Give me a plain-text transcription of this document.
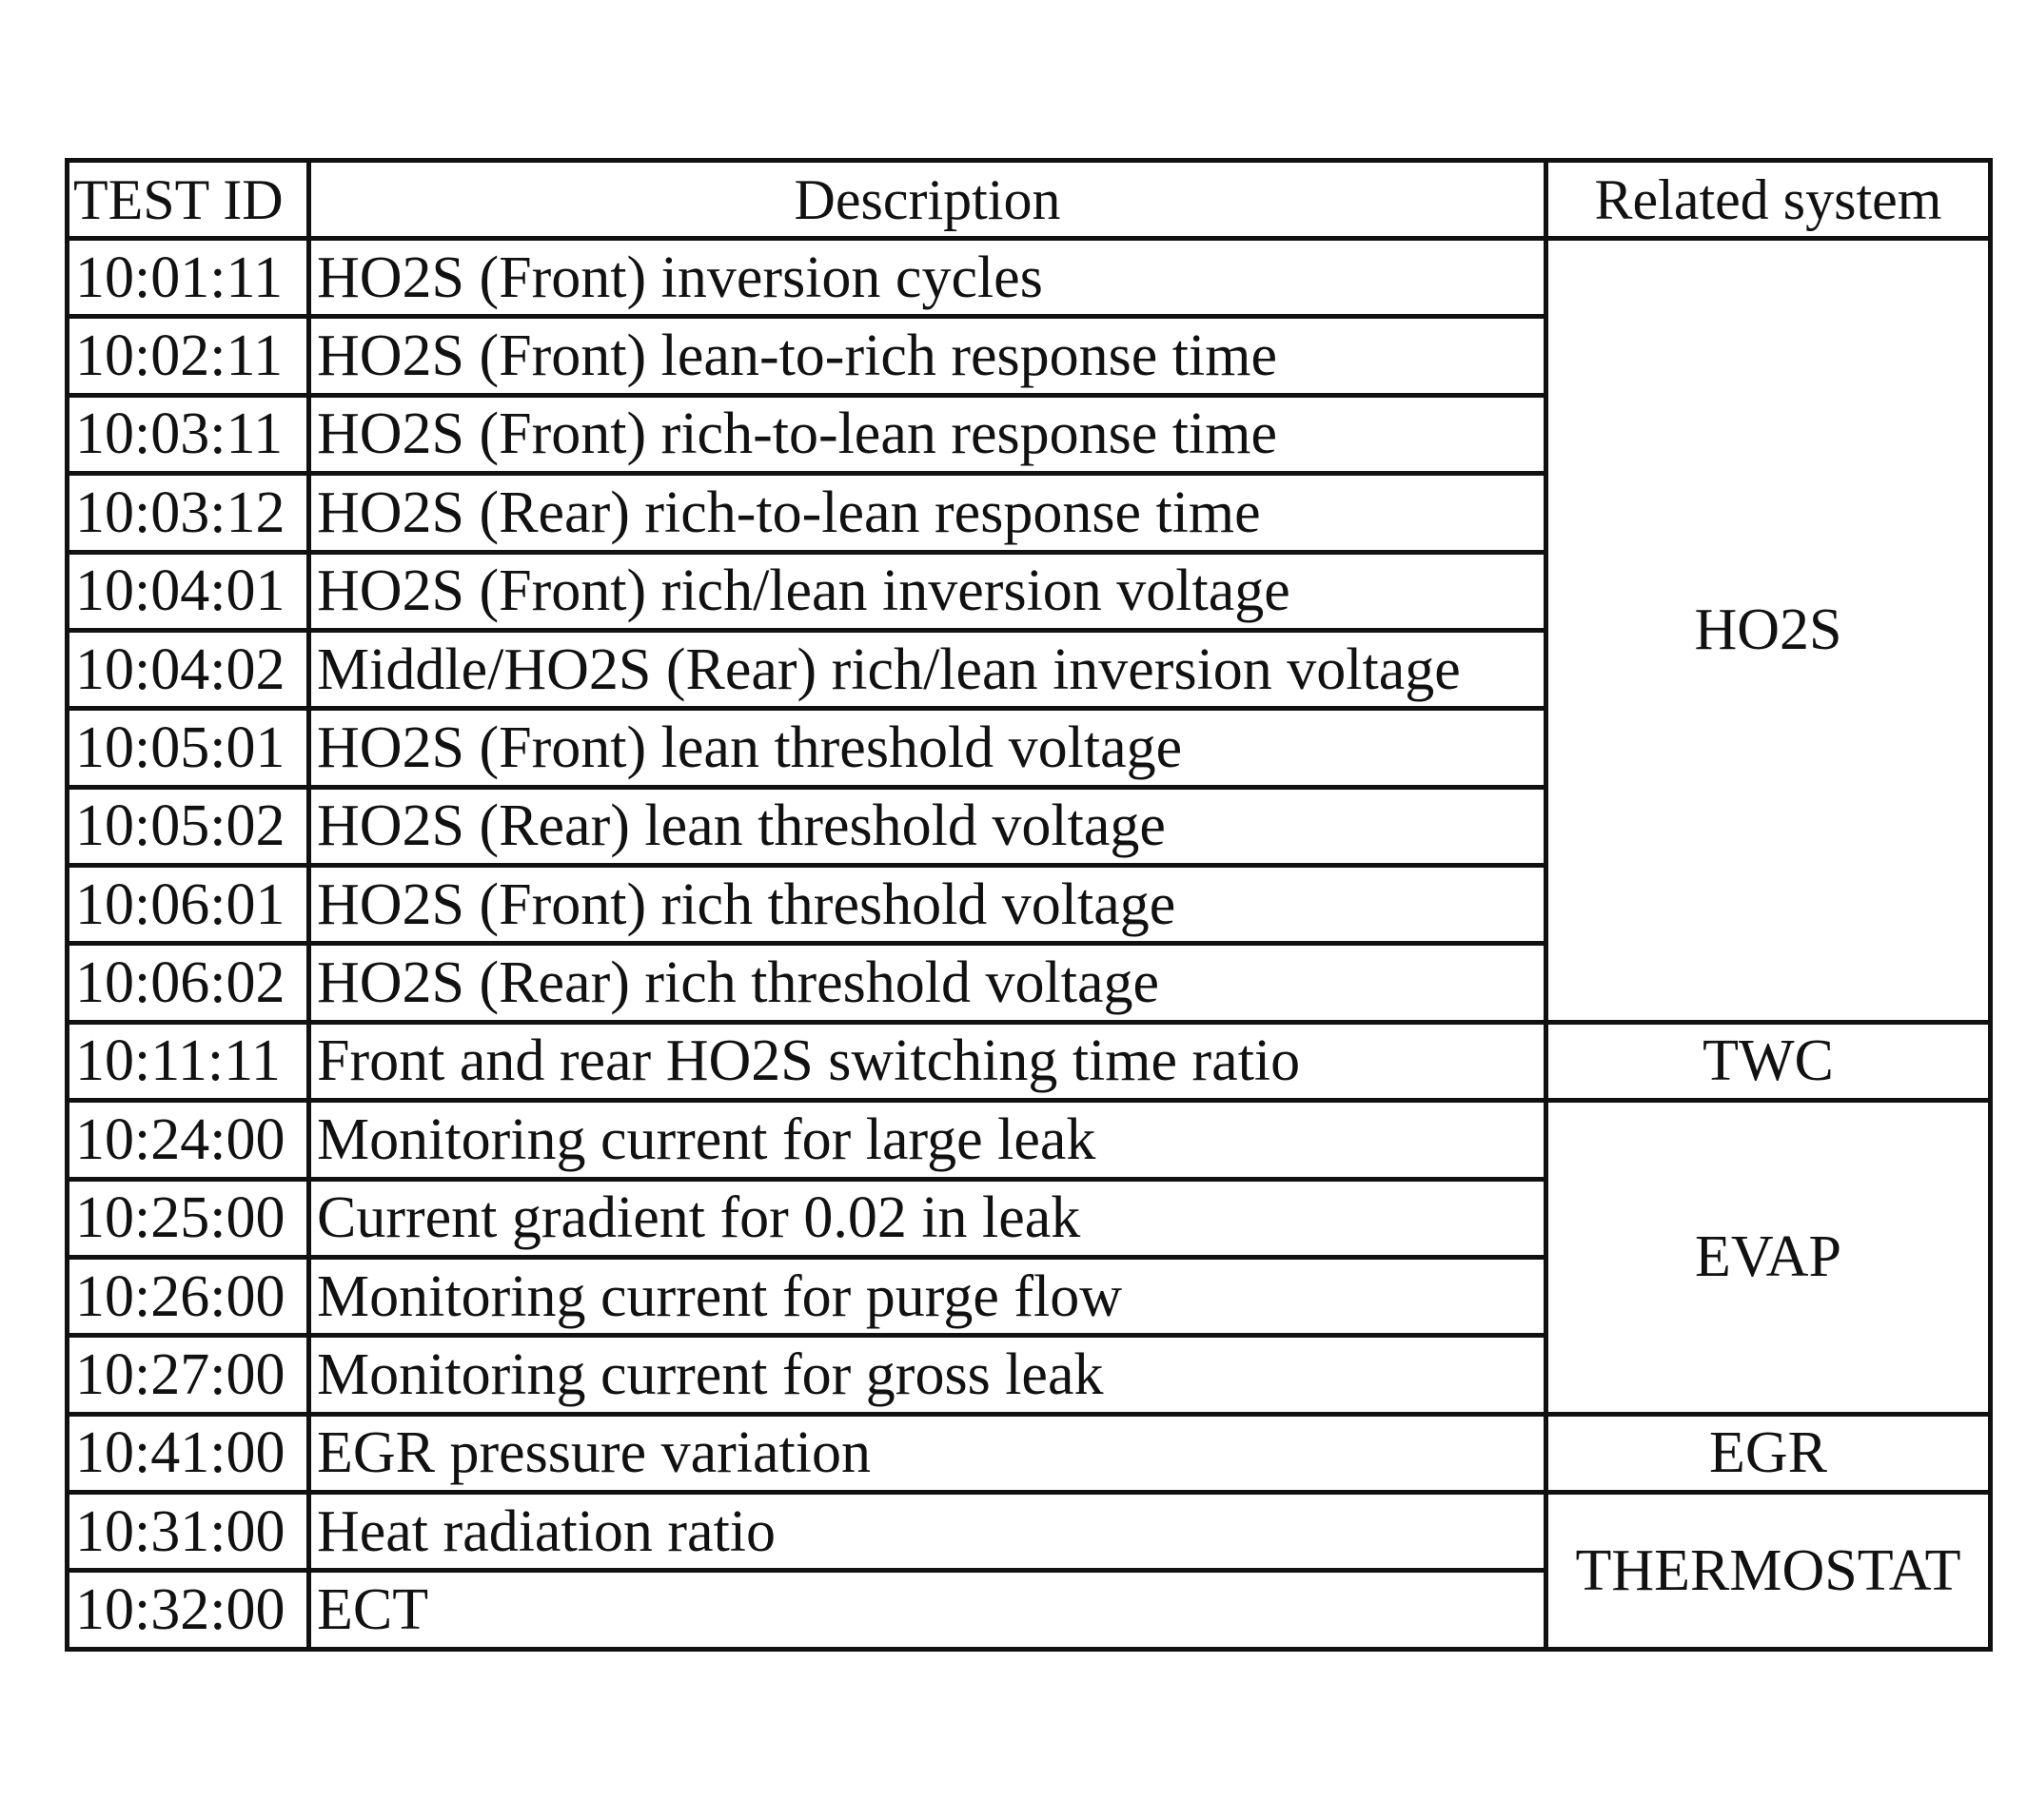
TEST ID	Description	Related system
10:01:11	HO2S (Front) inversion cycles	HO2S
10:02:11	HO2S (Front) lean-to-rich response time	
10:03:11	HO2S (Front) rich-to-lean response time	
10:03:12	HO2S (Rear) rich-to-lean response time	
10:04:01	HO2S (Front) rich/lean inversion voltage	
10:04:02	Middle/HO2S (Rear) rich/lean inversion voltage	
10:05:01	HO2S (Front) lean threshold voltage	
10:05:02	HO2S (Rear) lean threshold voltage	
10:06:01	HO2S (Front) rich threshold voltage	
10:06:02	HO2S (Rear) rich threshold voltage	
10:11:11	Front and rear HO2S switching time ratio	TWC
10:24:00	Monitoring current for large leak	EVAP
10:25:00	Current gradient for 0.02 in leak	
10:26:00	Monitoring current for purge flow	
10:27:00	Monitoring current for gross leak	
10:41:00	EGR pressure variation	EGR
10:31:00	Heat radiation ratio	THERMOSTAT
10:32:00	ECT	
